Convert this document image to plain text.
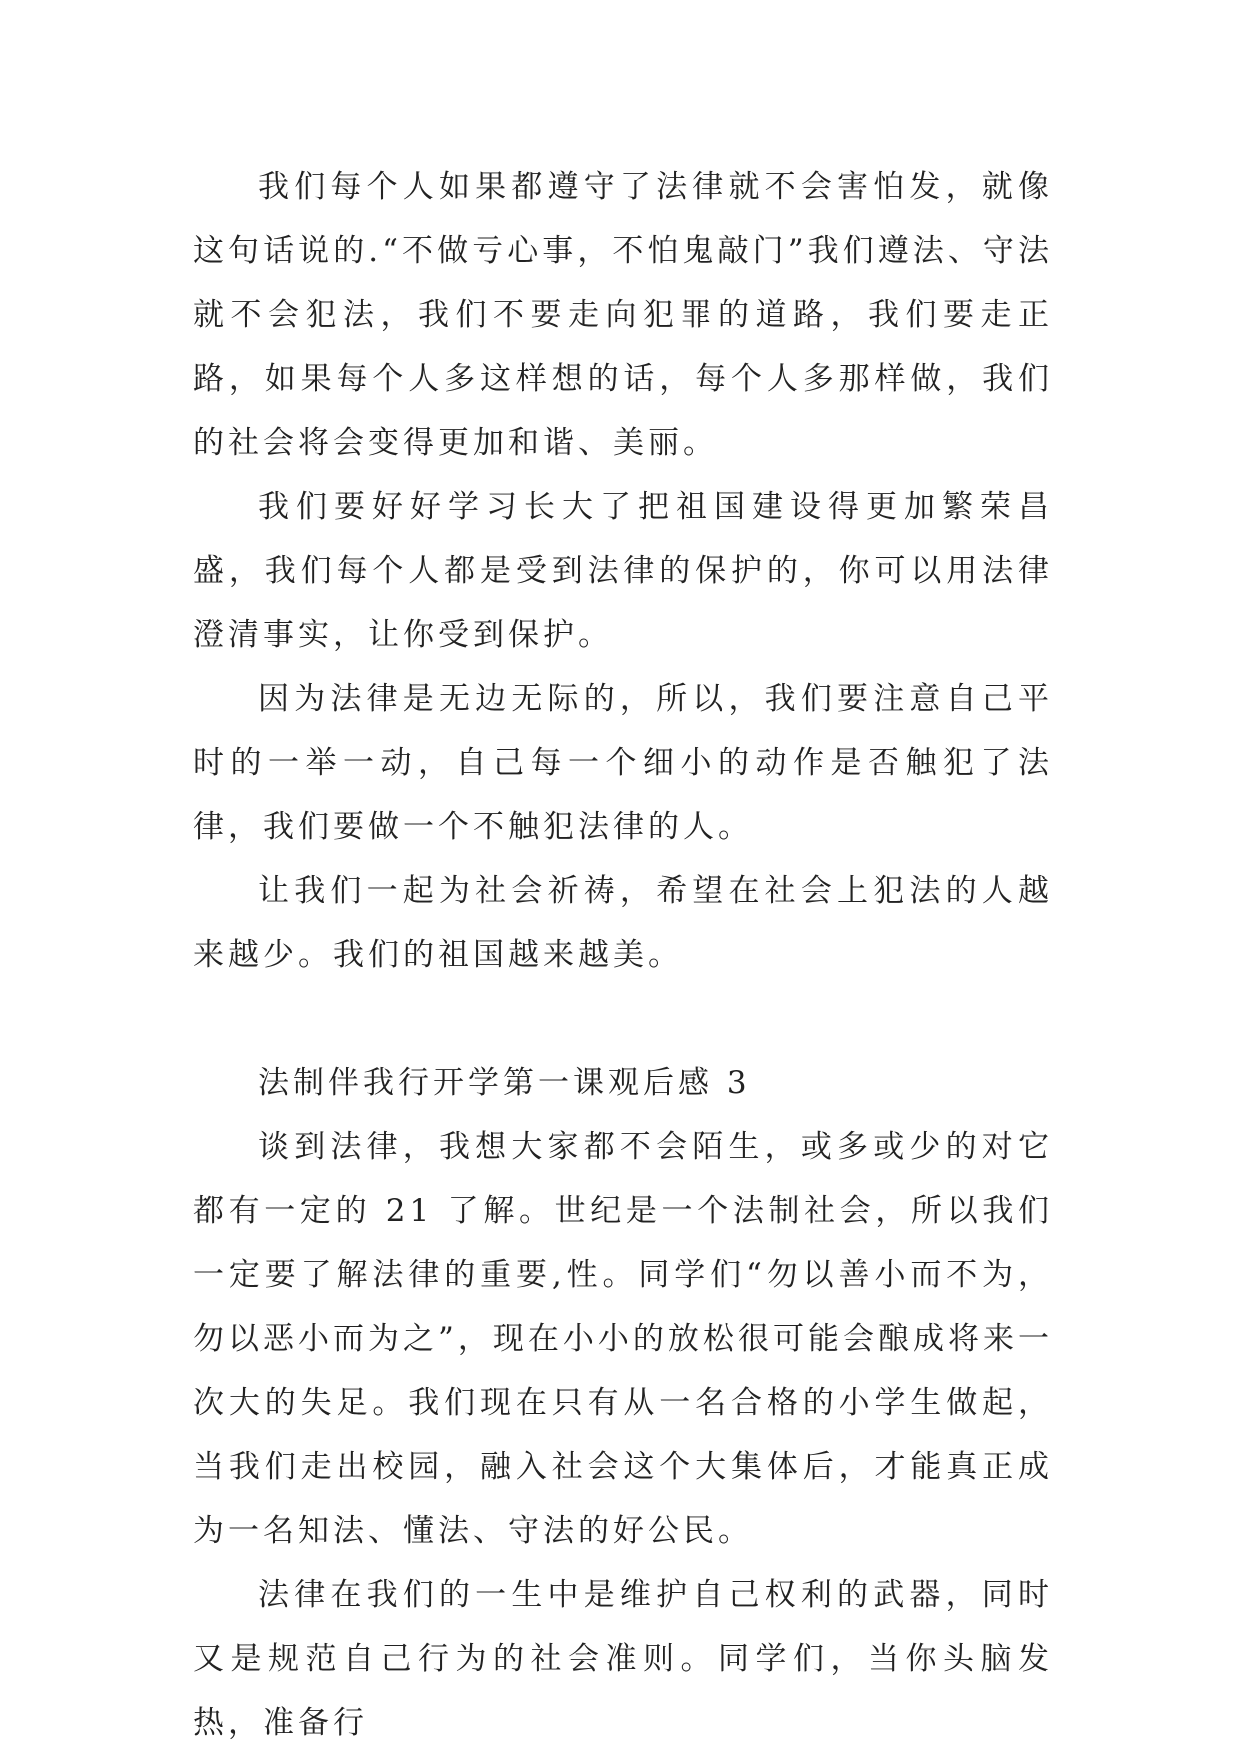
我们每个人如果都遵守了法律就不会害怕发，就像这句话说的.“不做亏心事，不怕鬼敲门”我们遵法、守法就不会犯法，我们不要走向犯罪的道路，我们要走正路，如果每个人多这样想的话，每个人多那样做，我们的社会将会变得更加和谐、美丽。

我们要好好学习长大了把祖国建设得更加繁荣昌盛，我们每个人都是受到法律的保护的，你可以用法律澄清事实，让你受到保护。

因为法律是无边无际的，所以，我们要注意自己平时的一举一动，自己每一个细小的动作是否触犯了法律，我们要做一个不触犯法律的人。

让我们一起为社会祈祷，希望在社会上犯法的人越来越少。我们的祖国越来越美。

法制伴我行开学第一课观后感 3

谈到法律，我想大家都不会陌生，或多或少的对它都有一定的 21 了解。世纪是一个法制社会，所以我们一定要了解法律的重要,性。同学们“勿以善小而不为，勿以恶小而为之”，现在小小的放松很可能会酿成将来一次大的失足。我们现在只有从一名合格的小学生做起，当我们走出校园，融入社会这个大集体后，才能真正成为一名知法、懂法、守法的好公民。

法律在我们的一生中是维护自己权利的武器，同时又是规范自己行为的社会准则。同学们，当你头脑发热，准备行
